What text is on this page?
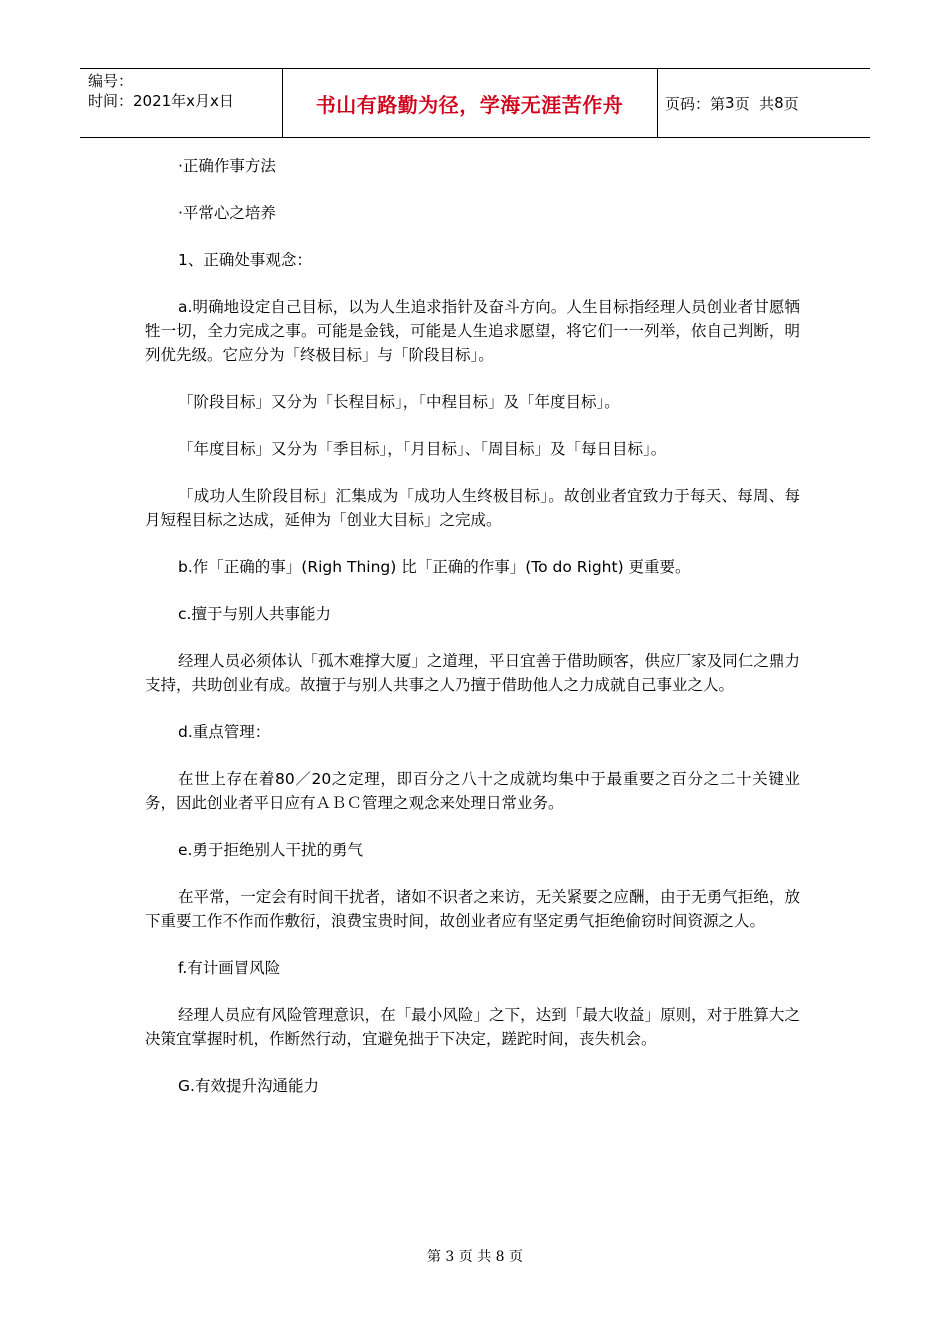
编号：
时间：2021年x月x日	书山有路勤为径，学海无涯苦作舟	页码：第 3 页  共 8 页

·正确作事方法

·平常心之培养

1、正确处事观念：

a.明确地设定自己目标，以为人生追求指针及奋斗方向。人生目标指经理人员创业者甘愿牺牲一切，全力完成之事。可能是金钱，可能是人生追求愿望，将它们一一列举，依自己判断，明列优先级。它应分为「终极目标」与「阶段目标」。

「阶段目标」又分为「长程目标」，「中程目标」及「年度目标」。

「年度目标」又分为「季目标」，「月目标」、「周目标」及「每日目标」。

「成功人生阶段目标」汇集成为「成功人生终极目标」。故创业者宜致力于每天、每周、每月短程目标之达成，延伸为「创业大目标」之完成。

b.作「正确的事」(Righ Thing) 比「正确的作事」(To do Right) 更重要。

c.擅于与别人共事能力

经理人员必须体认「孤木难撑大厦」之道理，平日宜善于借助顾客，供应厂家及同仁之鼎力支持，共助创业有成。故擅于与别人共事之人乃擅于借助他人之力成就自己事业之人。

d.重点管理：

在世上存在着80／20之定理，即百分之八十之成就均集中于最重要之百分之二十关键业务，因此创业者平日应有ＡＢＣ管理之观念来处理日常业务。

e.勇于拒绝别人干扰的勇气

在平常，一定会有时间干扰者，诸如不识者之来访，无关紧要之应酬，由于无勇气拒绝，放下重要工作不作而作敷衍，浪费宝贵时间，故创业者应有坚定勇气拒绝偷窃时间资源之人。

f.有计画冒风险

经理人员应有风险管理意识，在「最小风险」之下，达到「最大收益」原则，对于胜算大之决策宜掌握时机，作断然行动，宜避免拙于下决定，蹉跎时间，丧失机会。

G.有效提升沟通能力

第 3 页 共 8 页
